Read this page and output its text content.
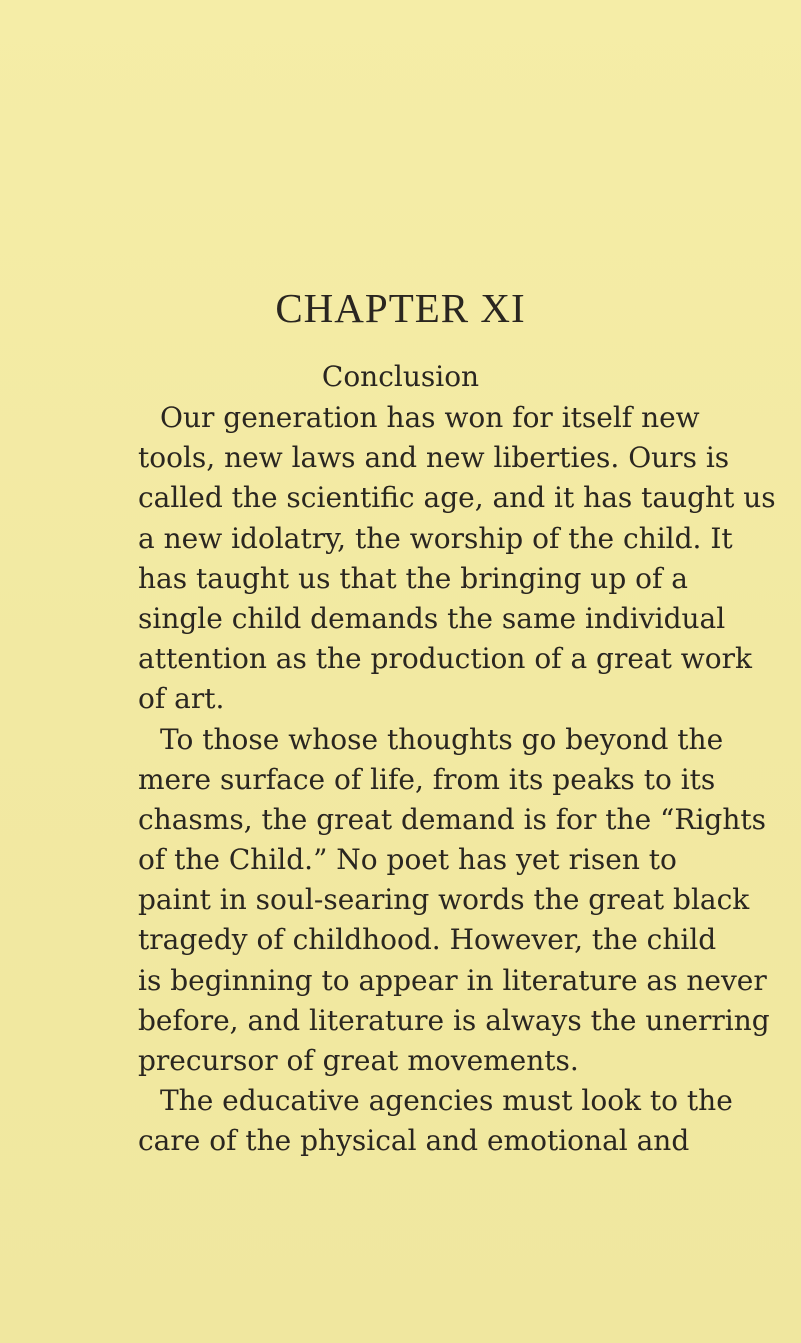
CHAPTER XI
Conclusion
Our generation has won for itself new
tools, new laws and new liberties. Ours is
called the scientific age, and it has taught us
a new idolatry, the worship of the child. It
has taught us that the bringing up of a
single child demands the same individual
attention as the production of a great work
of art.
To those whose thoughts go beyond the
mere surface of life, from its peaks to its
chasms, the great demand is for the “Rights
of the Child.” No poet has yet risen to
paint in soul-searing words the great black
tragedy of childhood. However, the child
is beginning to appear in literature as never
before, and literature is always the unerring
precursor of great movements.
The educative agencies must look to the
care of the physical and emotional and
